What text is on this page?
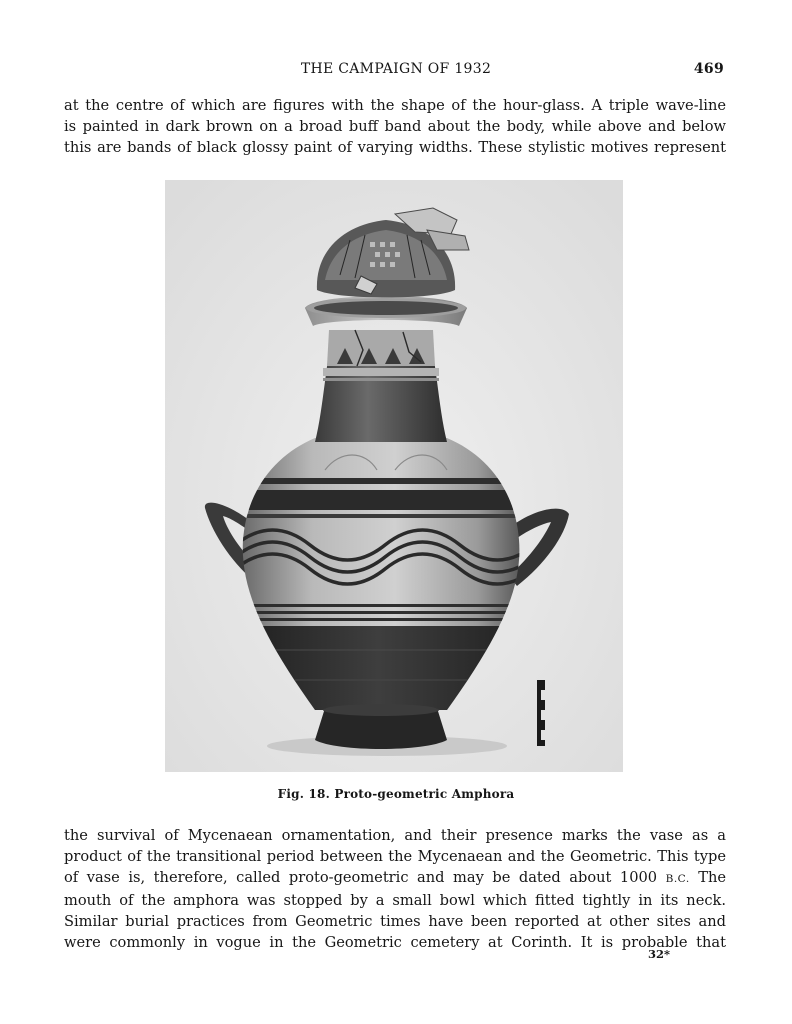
THE CAMPAIGN OF 1932	469
at the centre of which are figures with the shape of the hour-glass. A triple wave-line
is painted in dark brown on a broad buff band about the body, while above and below
this are bands of black glossy paint of varying widths. These stylistic motives represent
Fig. 18. Proto-geometric Amphora
the survival of Mycenaean ornamentation, and their presence marks the vase as a
product of the transitional period between the Mycenaean and the Geometric. This type
of vase is, therefore, called proto-geometric and may be dated about 1000 B.C. The
mouth of the amphora was stopped by a small bowl which fitted tightly in its neck.
Similar burial practices from Geometric times have been reported at other sites and
were commonly in vogue in the Geometric cemetery at Corinth. It is probable that
32*
